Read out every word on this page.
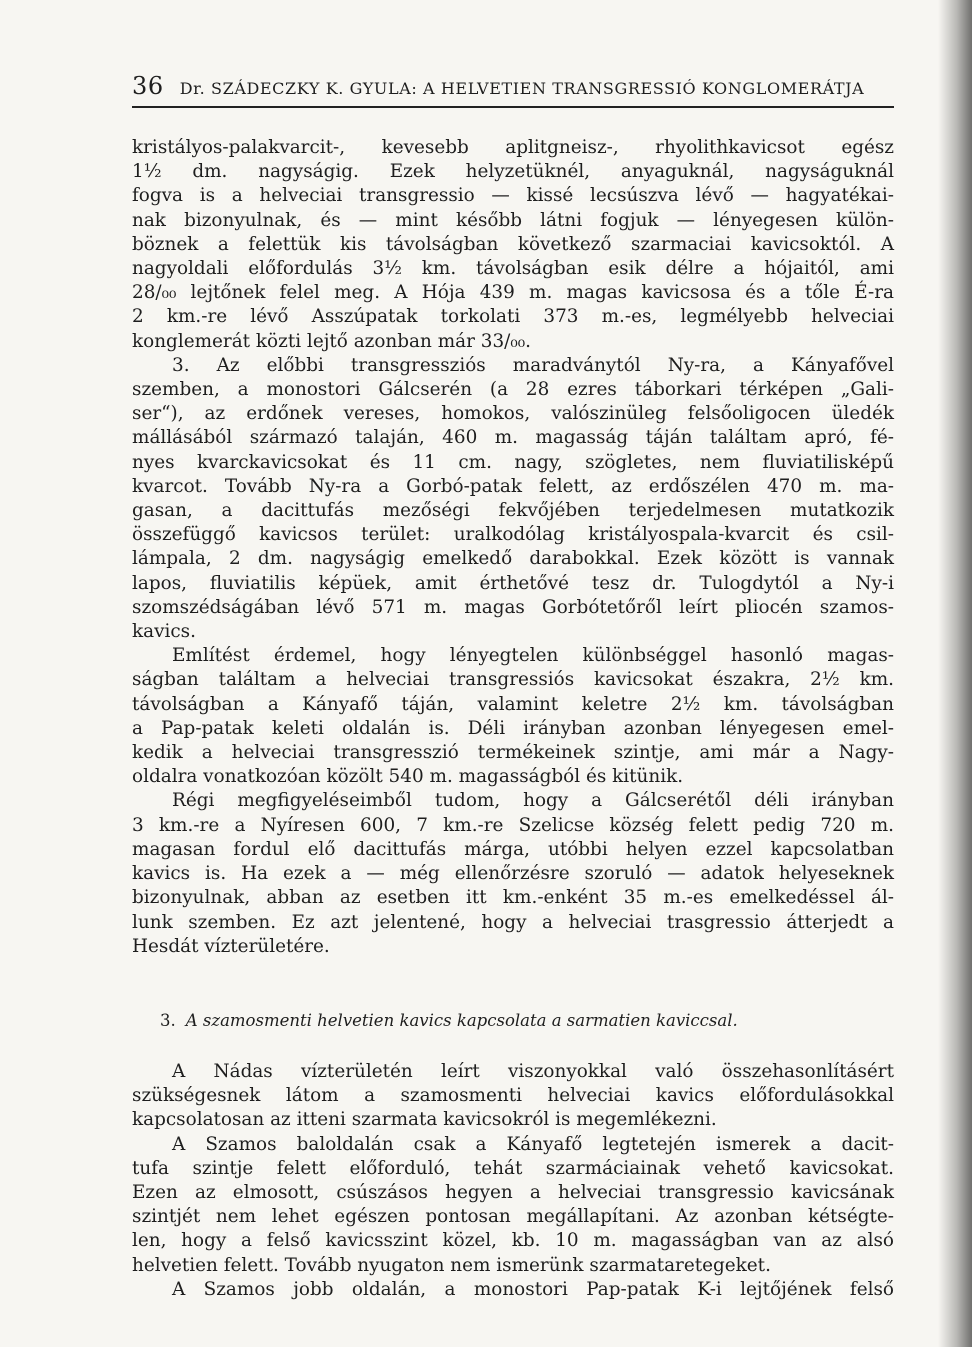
36 Dr. SZÁDECZKY K. GYULA: A HELVETIEN TRANSGRESSIÓ KONGLOMERÁTJA

kristályos-palakvarcit-, kevesebb aplitgneisz-, rhyolithkavicsot egész

1½ dm. nagyságig. Ezek helyzetüknél, anyaguknál, nagyságuknál

fogva is a helveciai transgressio — kissé lecsúszva lévő — hagyatékai-

nak bizonyulnak, és — mint később látni fogjuk — lényegesen külön-

böznek a felettük kis távolságban következő szarmaciai kavicsoktól. A

nagyoldali előfordulás 3½ km. távolságban esik délre a hójaitól, ami

28/₀₀ lejtőnek felel meg. A Hója 439 m. magas kavicsosa és a tőle É-ra

2 km.-re lévő Asszúpatak torkolati 373 m.-es, legmélyebb helveciai

konglemerát közti lejtő azonban már 33/₀₀.

3. Az előbbi transgressziós maradványtól Ny-ra, a Kányafővel

szemben, a monostori Gálcserén (a 28 ezres táborkari térképen „Gali-

ser“), az erdőnek vereses, homokos, valószinüleg felsőoligocen üledék

mállásából származó talaján, 460 m. magasság táján találtam apró, fé-

nyes kvarckavicsokat és 11 cm. nagy, szögletes, nem fluviatilisképű

kvarcot. Tovább Ny-ra a Gorbó-patak felett, az erdőszélen 470 m. ma-

gasan, a dacittufás mezőségi fekvőjében terjedelmesen mutatkozik

összefüggő kavicsos terület: uralkodólag kristályospala-kvarcit és csil-

lámpala, 2 dm. nagyságig emelkedő darabokkal. Ezek között is vannak

lapos, fluviatilis képüek, amit érthetővé tesz dr. Tulogdytól a Ny-i

szomszédságában lévő 571 m. magas Gorbótetőről leírt pliocén szamos-

kavics.

Említést érdemel, hogy lényegtelen különbséggel hasonló magas-

ságban találtam a helveciai transgressiós kavicsokat északra, 2½ km.

távolságban a Kányafő táján, valamint keletre 2½ km. távolságban

a Pap-patak keleti oldalán is. Déli irányban azonban lényegesen emel-

kedik a helveciai transgresszió termékeinek szintje, ami már a Nagy-

oldalra vonatkozóan közölt 540 m. magasságból és kitünik.

Régi megfigyeléseimből tudom, hogy a Gálcserétől déli irányban

3 km.-re a Nyíresen 600, 7 km.-re Szelicse község felett pedig 720 m.

magasan fordul elő dacittufás márga, utóbbi helyen ezzel kapcsolatban

kavics is. Ha ezek a — még ellenőrzésre szoruló — adatok helyeseknek

bizonyulnak, abban az esetben itt km.-enként 35 m.-es emelkedéssel ál-

lunk szemben. Ez azt jelentené, hogy a helveciai trasgressio átterjedt a

Hesdát vízterületére.

3. A szamosmenti helvetien kavics kapcsolata a sarmatien kaviccsal.

A Nádas vízterületén leírt viszonyokkal való összehasonlításért

szükségesnek látom a szamosmenti helveciai kavics előfordulásokkal

kapcsolatosan az itteni szarmata kavicsokról is megemlékezni.

A Szamos baloldalán csak a Kányafő legtetején ismerek a dacit-

tufa szintje felett előforduló, tehát szarmáciainak vehető kavicsokat.

Ezen az elmosott, csúszásos hegyen a helveciai transgressio kavicsának

szintjét nem lehet egészen pontosan megállapítani. Az azonban kétségte-

len, hogy a felső kavicsszint közel, kb. 10 m. magasságban van az alsó

helvetien felett. Tovább nyugaton nem ismerünk szarmataretegeket.

A Szamos jobb oldalán, a monostori Pap-patak K-i lejtőjének felső
